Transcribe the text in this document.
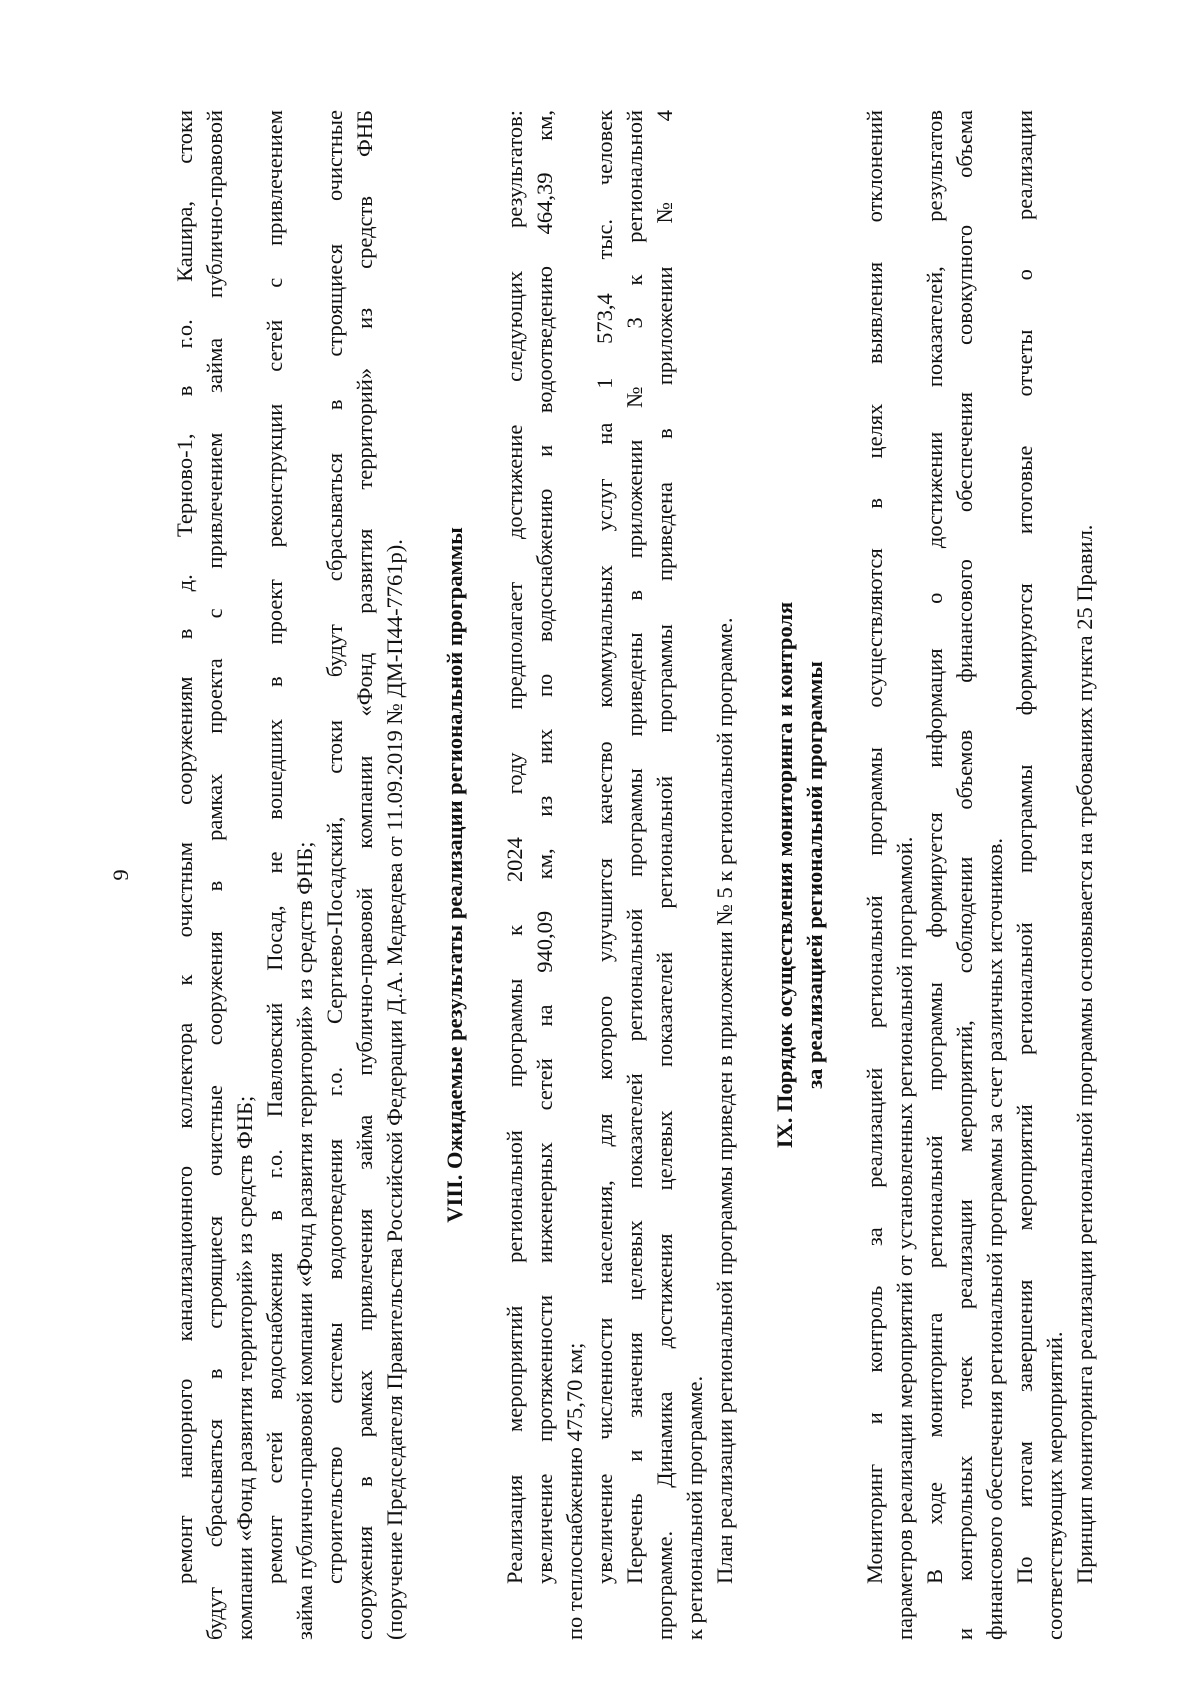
9 ремонт напорного канализационного коллектора к очистным сооружениям в д. Терново-1, в г.о. Кашира, стоки будут сбрасываться в строящиеся очистные сооружения в рамках проекта с привлечением займа публично-правовой компании «Фонд развития территорий» из средств ФНБ; ремонт сетей водоснабжения в г.о. Павловский Посад, не вошедших в проект реконструкции сетей с привлечением займа публично-правовой компании «Фонд развития территорий» из средств ФНБ; строительство системы водоотведения г.о. Сергиево-Посадский, стоки будут сбрасываться в строящиеся очистные сооружения в рамках привлечения займа публично-правовой компании «Фонд развития территорий» из средств ФНБ (поручение Председателя Правительства Российской Федерации Д.А. Медведева от 11.09.2019 № ДМ-П44-7761р). VIII. Ожидаемые результаты реализации региональной программы Реализация мероприятий региональной программы к 2024 году предполагает достижение следующих результатов: увеличение протяженности инженерных сетей на 940,09 км, из них по водоснабжению и водоотведению 464,39 км, по теплоснабжению 475,70 км; увеличение численности населения, для которого улучшится качество коммунальных услуг на 1 573,4 тыс. человек Перечень и значения целевых показателей региональной программы приведены в приложении № 3 к региональной программе. Динамика достижения целевых показателей региональной программы приведена в приложении № 4 к региональной программе. План реализации региональной программы приведен в приложении № 5 к региональной программе. IX. Порядок осуществления мониторинга и контроля за реализацией региональной программы Мониторинг и контроль за реализацией региональной программы осуществляются в целях выявления отклонений параметров реализации мероприятий от установленных региональной программой. В ходе мониторинга региональной программы формируется информация о достижении показателей, результатов и контрольных точек реализации мероприятий, соблюдении объемов финансового обеспечения совокупного объема финансового обеспечения региональной программы за счет различных источников. По итогам завершения мероприятий региональной программы формируются итоговые отчеты о реализации соответствующих мероприятий. Принцип мониторинга реализации региональной программы основывается на требованиях пункта 25 Правил.
